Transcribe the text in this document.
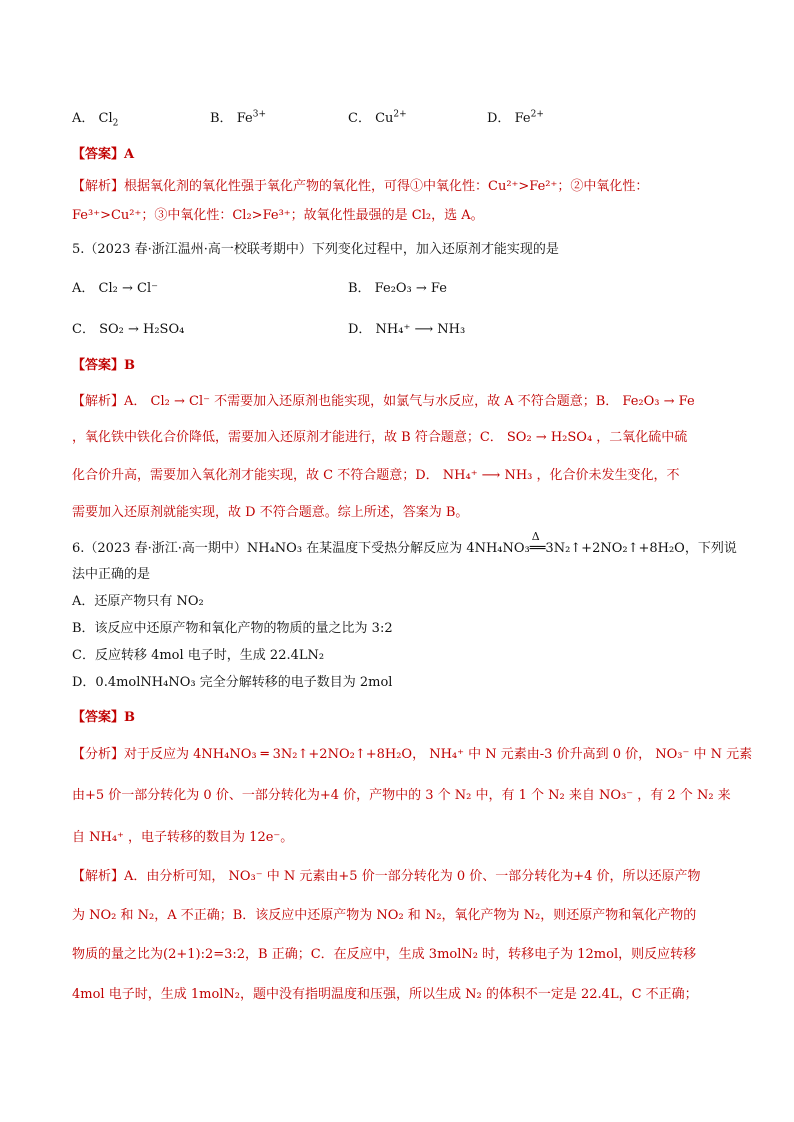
A． $Cl_2$	B． $Fe^{3+}$	C． $Cu^{2+}$	D． $Fe^{2+}$
【答案】A
【解析】根据氧化剂的氧化性强于氧化产物的氧化性，可得①中氧化性：Cu²⁺>Fe²⁺；②中氧化性：
Fe³⁺>Cu²⁺；③中氧化性：Cl₂>Fe³⁺；故氧化性最强的是 Cl₂，选 A。
5.（2023 春·浙江温州·高一校联考期中）下列变化过程中，加入还原剂才能实现的是
A． Cl₂ → Cl⁻	B． Fe₂O₃ → Fe
C． SO₂ → H₂SO₄	D． NH₄⁺ ⟶ NH₃
【答案】B
【解析】A． Cl₂ → Cl⁻ 不需要加入还原剂也能实现，如氯气与水反应，故 A 不符合题意；B． Fe₂O₃ → Fe
，氧化铁中铁化合价降低，需要加入还原剂才能进行，故 B 符合题意；C． SO₂ → H₂SO₄ ，二氧化硫中硫
化合价升高，需要加入氧化剂才能实现，故 C 不符合题意；D． NH₄⁺ ⟶ NH₃ ，化合价未发生变化，不
需要加入还原剂就能实现，故 D 不符合题意。综上所述，答案为 B。
6.（2023 春·浙江·高一期中）NH₄NO₃ 在某温度下受热分解反应为 4NH₄NO₃
Δ
══3N₂↑+2NO₂↑+8H₂O，下列说
法中正确的是
A．还原产物只有 NO₂
B．该反应中还原产物和氧化产物的物质的量之比为 3:2
C．反应转移 4mol 电子时，生成 22.4LN₂
D．0.4molNH₄NO₃ 完全分解转移的电子数目为 2mol
【答案】B
【分析】对于反应为 4NH₄NO₃ ═ 3N₂↑+2NO₂↑+8H₂O， NH₄⁺ 中 N 元素由-3 价升高到 0 价， NO₃⁻ 中 N 元素
由+5 价一部分转化为 0 价、一部分转化为+4 价，产物中的 3 个 N₂ 中，有 1 个 N₂ 来自 NO₃⁻ ，有 2 个 N₂ 来
自 NH₄⁺ ，电子转移的数目为 12e⁻。
【解析】A．由分析可知， NO₃⁻ 中 N 元素由+5 价一部分转化为 0 价、一部分转化为+4 价，所以还原产物
为 NO₂ 和 N₂，A 不正确；B．该反应中还原产物为 NO₂ 和 N₂，氧化产物为 N₂，则还原产物和氧化产物的
物质的量之比为(2+1):2=3:2，B 正确；C．在反应中，生成 3molN₂ 时，转移电子为 12mol，则反应转移
4mol 电子时，生成 1molN₂，题中没有指明温度和压强，所以生成 N₂ 的体积不一定是 22.4L，C 不正确；
